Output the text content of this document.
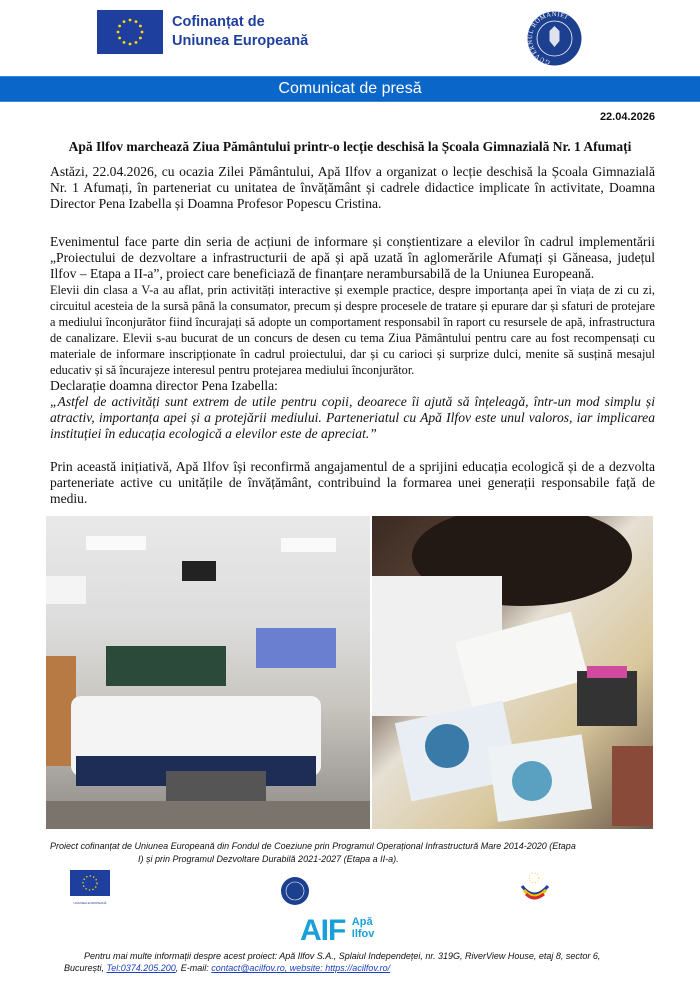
Cofinanțat de
Uniunea Europeană
GUVERNUL ROMÂNIEI
Comunicat de presă
22.04.2026
Apă Ilfov marchează Ziua Pământului printr-o lecție deschisă la Școala Gimnazială Nr. 1 Afumați

Astăzi, 22.04.2026, cu ocazia Zilei Pământului, Apă Ilfov a organizat o lecție deschisă la Școala Gimnazială Nr. 1 Afumați, în parteneriat cu unitatea de învățământ și cadrele didactice implicate în activitate, Doamna Director Pena Izabella și Doamna Profesor Popescu Cristina.

Evenimentul face parte din seria de acțiuni de informare și conștientizare a elevilor în cadrul implementării „Proiectului de dezvoltare a infrastructurii de apă și apă uzată în aglomerările Afumați și Găneasa, județul Ilfov – Etapa a II-a”, proiect care beneficiază de finanțare nerambursabilă de la Uniunea Europeană.

Elevii din clasa a V-a au aflat, prin activități interactive și exemple practice, despre importanța apei în viața de zi cu zi, circuitul acesteia de la sursă până la consumator, precum și despre procesele de tratare și epurare dar și sfaturi de protejare a mediului înconjurător fiind încurajați să adopte un comportament responsabil în raport cu resursele de apă, infrastructura de canalizare. Elevii s-au bucurat de un concurs de desen cu tema Ziua Pământului pentru care au fost recompensați cu materiale de informare inscripționate în cadrul proiectului, dar și cu carioci și surprize dulci, menite să susțină mesajul educativ și să încurajeze interesul pentru protejarea mediului înconjurător.

Declarație doamna director Pena Izabella:

„Astfel de activități sunt extrem de utile pentru copii, deoarece îi ajută să înțeleagă, într-un mod simplu și atractiv, importanța apei și a protejării mediului. Parteneriatul cu Apă Ilfov este unul valoros, iar implicarea instituției în educația ecologică a elevilor este de apreciat.”

Prin această inițiativă, Apă Ilfov își reconfirmă angajamentul de a sprijini educația ecologică și de a dezvolta parteneriate active cu unitățile de învățământ, contribuind la formarea unei generații responsabile față de mediu.

Proiect cofinanțat de Uniunea Europeană din Fondul de Coeziune prin Programul Operațional Infrastructură Mare 2014-2020 (Etapa
I) și prin Programul Dezvoltare Durabilă 2021-2027 (Etapa a II-a).
UNIUNEA EUROPEANĂ
AIF Apă
Ilfov
Pentru mai multe informații despre acest proiect: Apă Ilfov S.A., Splaiul Independeței, nr. 319G, RiverView House, etaj 8, sector 6,
București, Tel:0374.205.200, E-mail: contact@acilfov.ro, website: https://acilfov.ro/
